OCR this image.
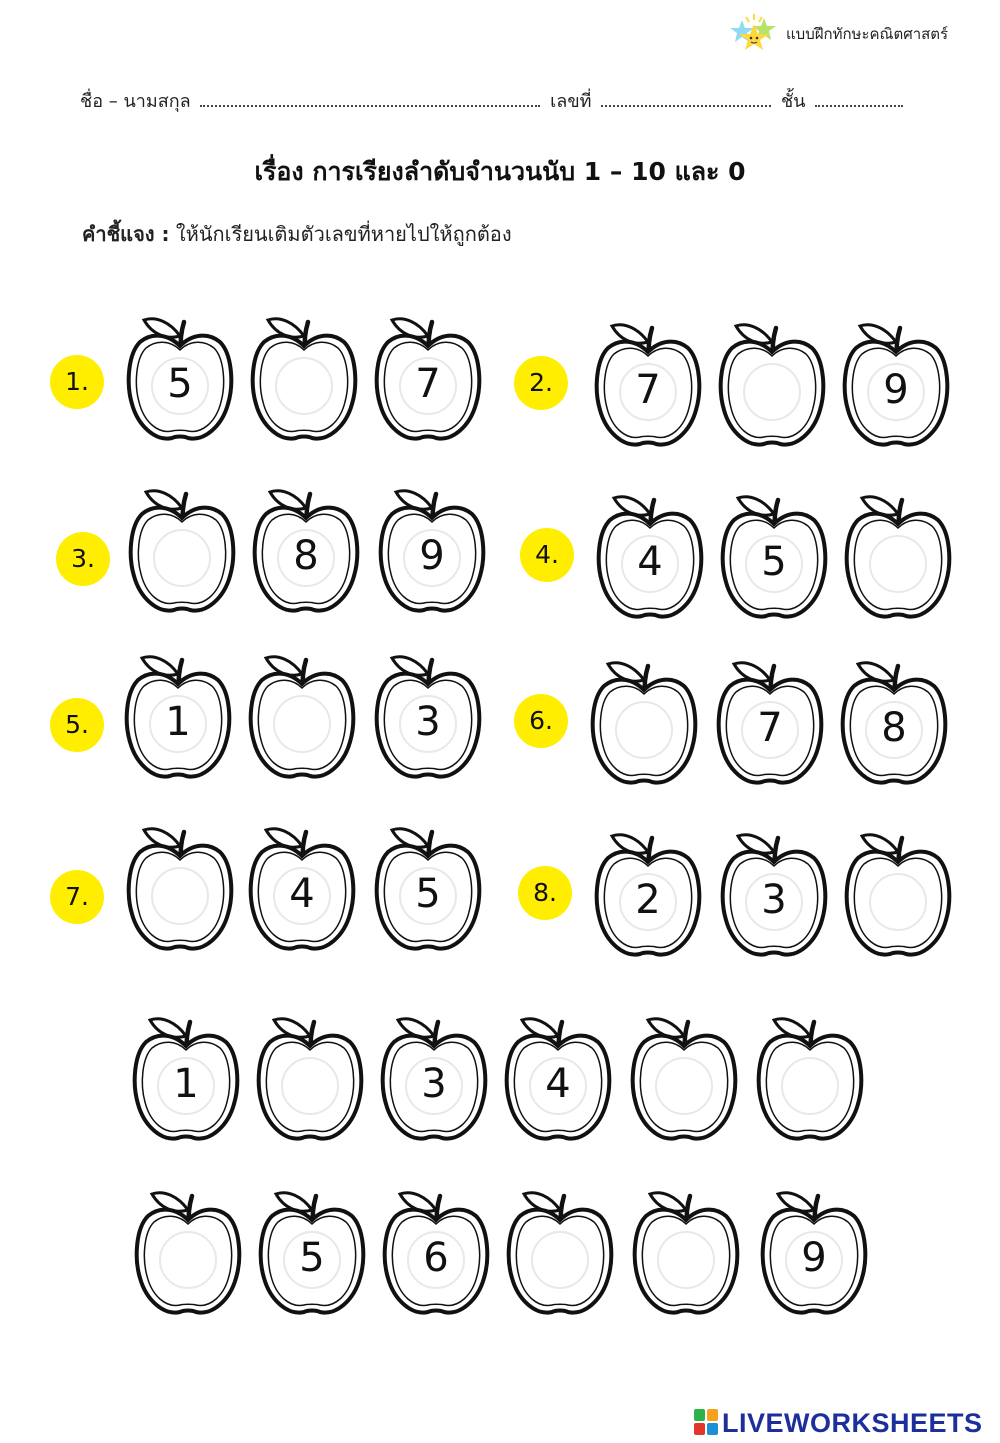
แบบฝึกทักษะคณิตศาสตร์
ชื่อ – นามสกุล	เลขที่	ชั้น
เรื่อง การเรียงลำดับจำนวนนับ 1 – 10 และ 0
คำชี้แจง : ให้นักเรียนเติมตัวเลขที่หายไปให้ถูกต้อง
1.	5	7	2.	7	9
3.	8	9	4.	4	5
5.	1	3	6.	7	8
7.	4	5	8.	2	3
1	3	4
5	6	9
LIVEWORKSHEETS
